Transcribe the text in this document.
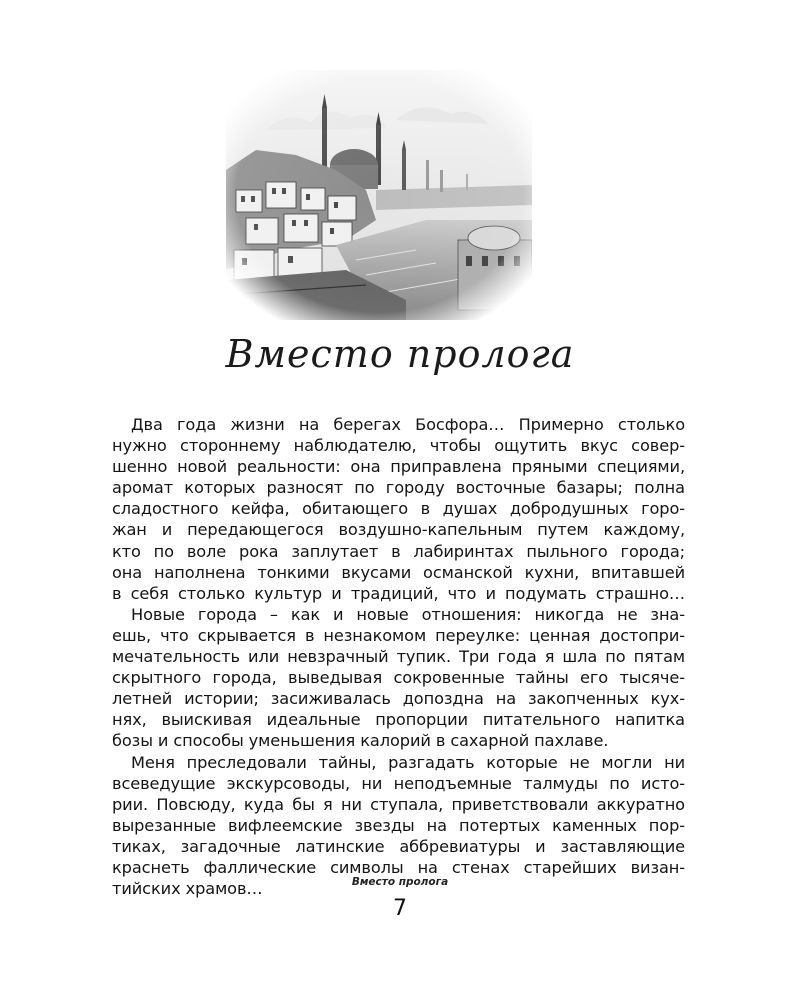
Вместо пролога

Два года жизни на берегах Босфора… Примерно столько
нужно стороннему наблюдателю, чтобы ощутить вкус совер-
шенно новой реальности: она приправлена пряными специями,
аромат которых разносят по городу восточные базары; полна
сладостного кейфа, обитающего в душах добродушных горо-
жан и передающегося воздушно-капельным путем каждому,
кто по воле рока заплутает в лабиринтах пыльного города;
она наполнена тонкими вкусами османской кухни, впитавшей
в себя столько культур и традиций, что и подумать страшно…

Новые города – как и новые отношения: никогда не зна-
ешь, что скрывается в незнакомом переулке: ценная достопри-
мечательность или невзрачный тупик. Три года я шла по пятам
скрытного города, выведывая сокровенные тайны его тысяче-
летней истории; засиживалась допоздна на закопченных кух-
нях, выискивая идеальные пропорции питательного напитка
бозы и способы уменьшения калорий в сахарной пахлаве.

Меня преследовали тайны, разгадать которые не могли ни
всеведущие экскурсоводы, ни неподъемные талмуды по исто-
рии. Повсюду, куда бы я ни ступала, приветствовали аккуратно
вырезанные вифлеемские звезды на потертых каменных пор-
тиках, загадочные латинские аббревиатуры и заставляющие
краснеть фаллические символы на стенах старейших визан-
тийских храмов…	Вместо пролога
7
